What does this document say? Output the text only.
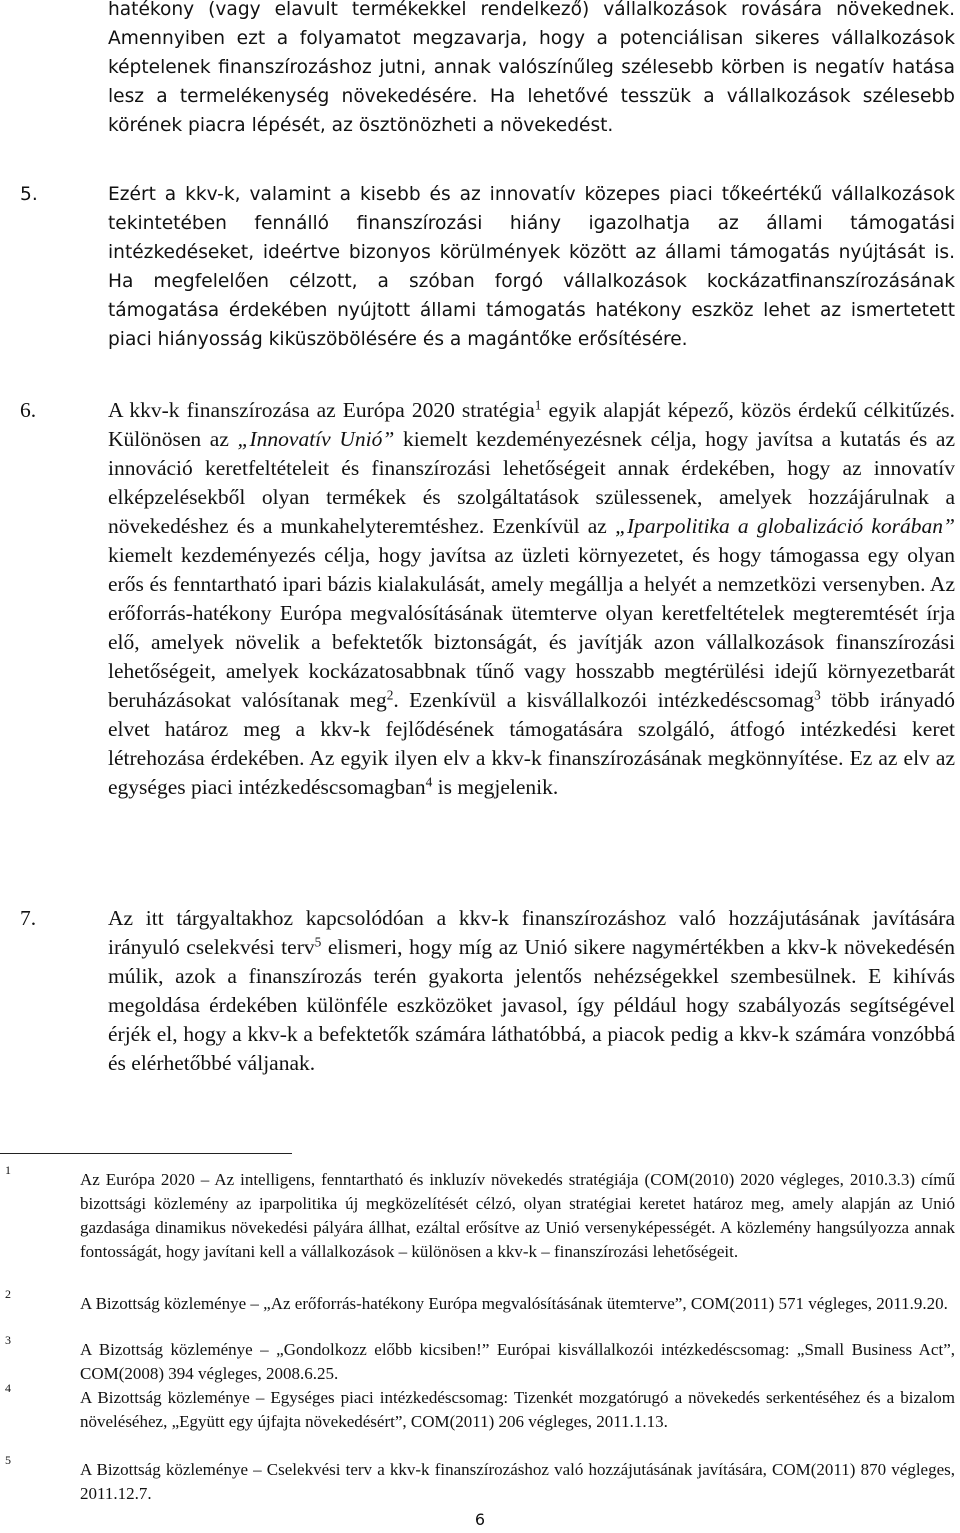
hatékony (vagy elavult termékekkel rendelkező) vállalkozások rovására növekednek. Amennyiben ezt a folyamatot megzavarja, hogy a potenciálisan sikeres vállalkozások képtelenek finanszírozáshoz jutni, annak valószínűleg szélesebb körben is negatív hatása lesz a termelékenység növekedésére. Ha lehetővé tesszük a vállalkozások szélesebb körének piacra lépését, az ösztönözheti a növekedést.
5.	Ezért a kkv-k, valamint a kisebb és az innovatív közepes piaci tőkeértékű vállalkozások tekintetében fennálló finanszírozási hiány igazolhatja az állami támogatási intézkedéseket, ideértve bizonyos körülmények között az állami támogatás nyújtását is. Ha megfelelően célzott, a szóban forgó vállalkozások kockázatfinanszírozásának támogatása érdekében nyújtott állami támogatás hatékony eszköz lehet az ismertetett piaci hiányosság kiküszöbölésére és a magántőke erősítésére.
6.	A kkv-k finanszírozása az Európa 2020 stratégia$^1$ egyik alapját képező, közös érdekű célkitűzés. Különösen az „Innovatív Unió” kiemelt kezdeményezésnek célja, hogy javítsa a kutatás és az innováció keretfeltételeit és finanszírozási lehetőségeit annak érdekében, hogy az innovatív elképzelésekből olyan termékek és szolgáltatások szülessenek, amelyek hozzájárulnak a növekedéshez és a munkahelyteremtéshez. Ezenkívül az „Iparpolitika a globalizáció korában” kiemelt kezdeményezés célja, hogy javítsa az üzleti környezetet, és hogy támogassa egy olyan erős és fenntartható ipari bázis kialakulását, amely megállja a helyét a nemzetközi versenyben. Az erőforrás-hatékony Európa megvalósításának ütemterve olyan keretfeltételek megteremtését írja elő, amelyek növelik a befektetők biztonságát, és javítják azon vállalkozások finanszírozási lehetőségeit, amelyek kockázatosabbnak tűnő vagy hosszabb megtérülési idejű környezetbarát beruházásokat valósítanak meg$^2$. Ezenkívül a kisvállalkozói intézkedéscsomag$^3$ több irányadó elvet határoz meg a kkv-k fejlődésének támogatására szolgáló, átfogó intézkedési keret létrehozása érdekében. Az egyik ilyen elv a kkv-k finanszírozásának megkönnyítése. Ez az elv az egységes piaci intézkedéscsomagban$^4$ is megjelenik.
7.	Az itt tárgyaltakhoz kapcsolódóan a kkv-k finanszírozáshoz való hozzájutásának javítására irányuló cselekvési terv$^5$ elismeri, hogy míg az Unió sikere nagymértékben a kkv-k növekedésén múlik, azok a finanszírozás terén gyakorta jelentős nehézségekkel szembesülnek. E kihívás megoldása érdekében különféle eszközöket javasol, így például hogy szabályozás segítségével érjék el, hogy a kkv-k a befektetők számára láthatóbbá, a piacok pedig a kkv-k számára vonzóbbá és elérhetőbbé váljanak.
1	Az Európa 2020 – Az intelligens, fenntartható és inkluzív növekedés stratégiája (COM(2010) 2020 végleges, 2010.3.3) című bizottsági közlemény az iparpolitika új megközelítését célzó, olyan stratégiai keretet határoz meg, amely alapján az Unió gazdasága dinamikus növekedési pályára állhat, ezáltal erősítve az Unió versenyképességét. A közlemény hangsúlyozza annak fontosságát, hogy javítani kell a vállalkozások – különösen a kkv-k – finanszírozási lehetőségeit.
2	A Bizottság közleménye – „Az erőforrás-hatékony Európa megvalósításának ütemterve”, COM(2011) 571 végleges, 2011.9.20.
3	A Bizottság közleménye – „Gondolkozz előbb kicsiben!” Európai kisvállalkozói intézkedéscsomag: „Small Business Act”, COM(2008) 394 végleges, 2008.6.25.
4	A Bizottság közleménye – Egységes piaci intézkedéscsomag: Tizenkét mozgatórugó a növekedés serkentéséhez és a bizalom növeléséhez, „Együtt egy újfajta növekedésért”, COM(2011) 206 végleges, 2011.1.13.
5	A Bizottság közleménye – Cselekvési terv a kkv-k finanszírozáshoz való hozzájutásának javítására, COM(2011) 870 végleges, 2011.12.7.
6
